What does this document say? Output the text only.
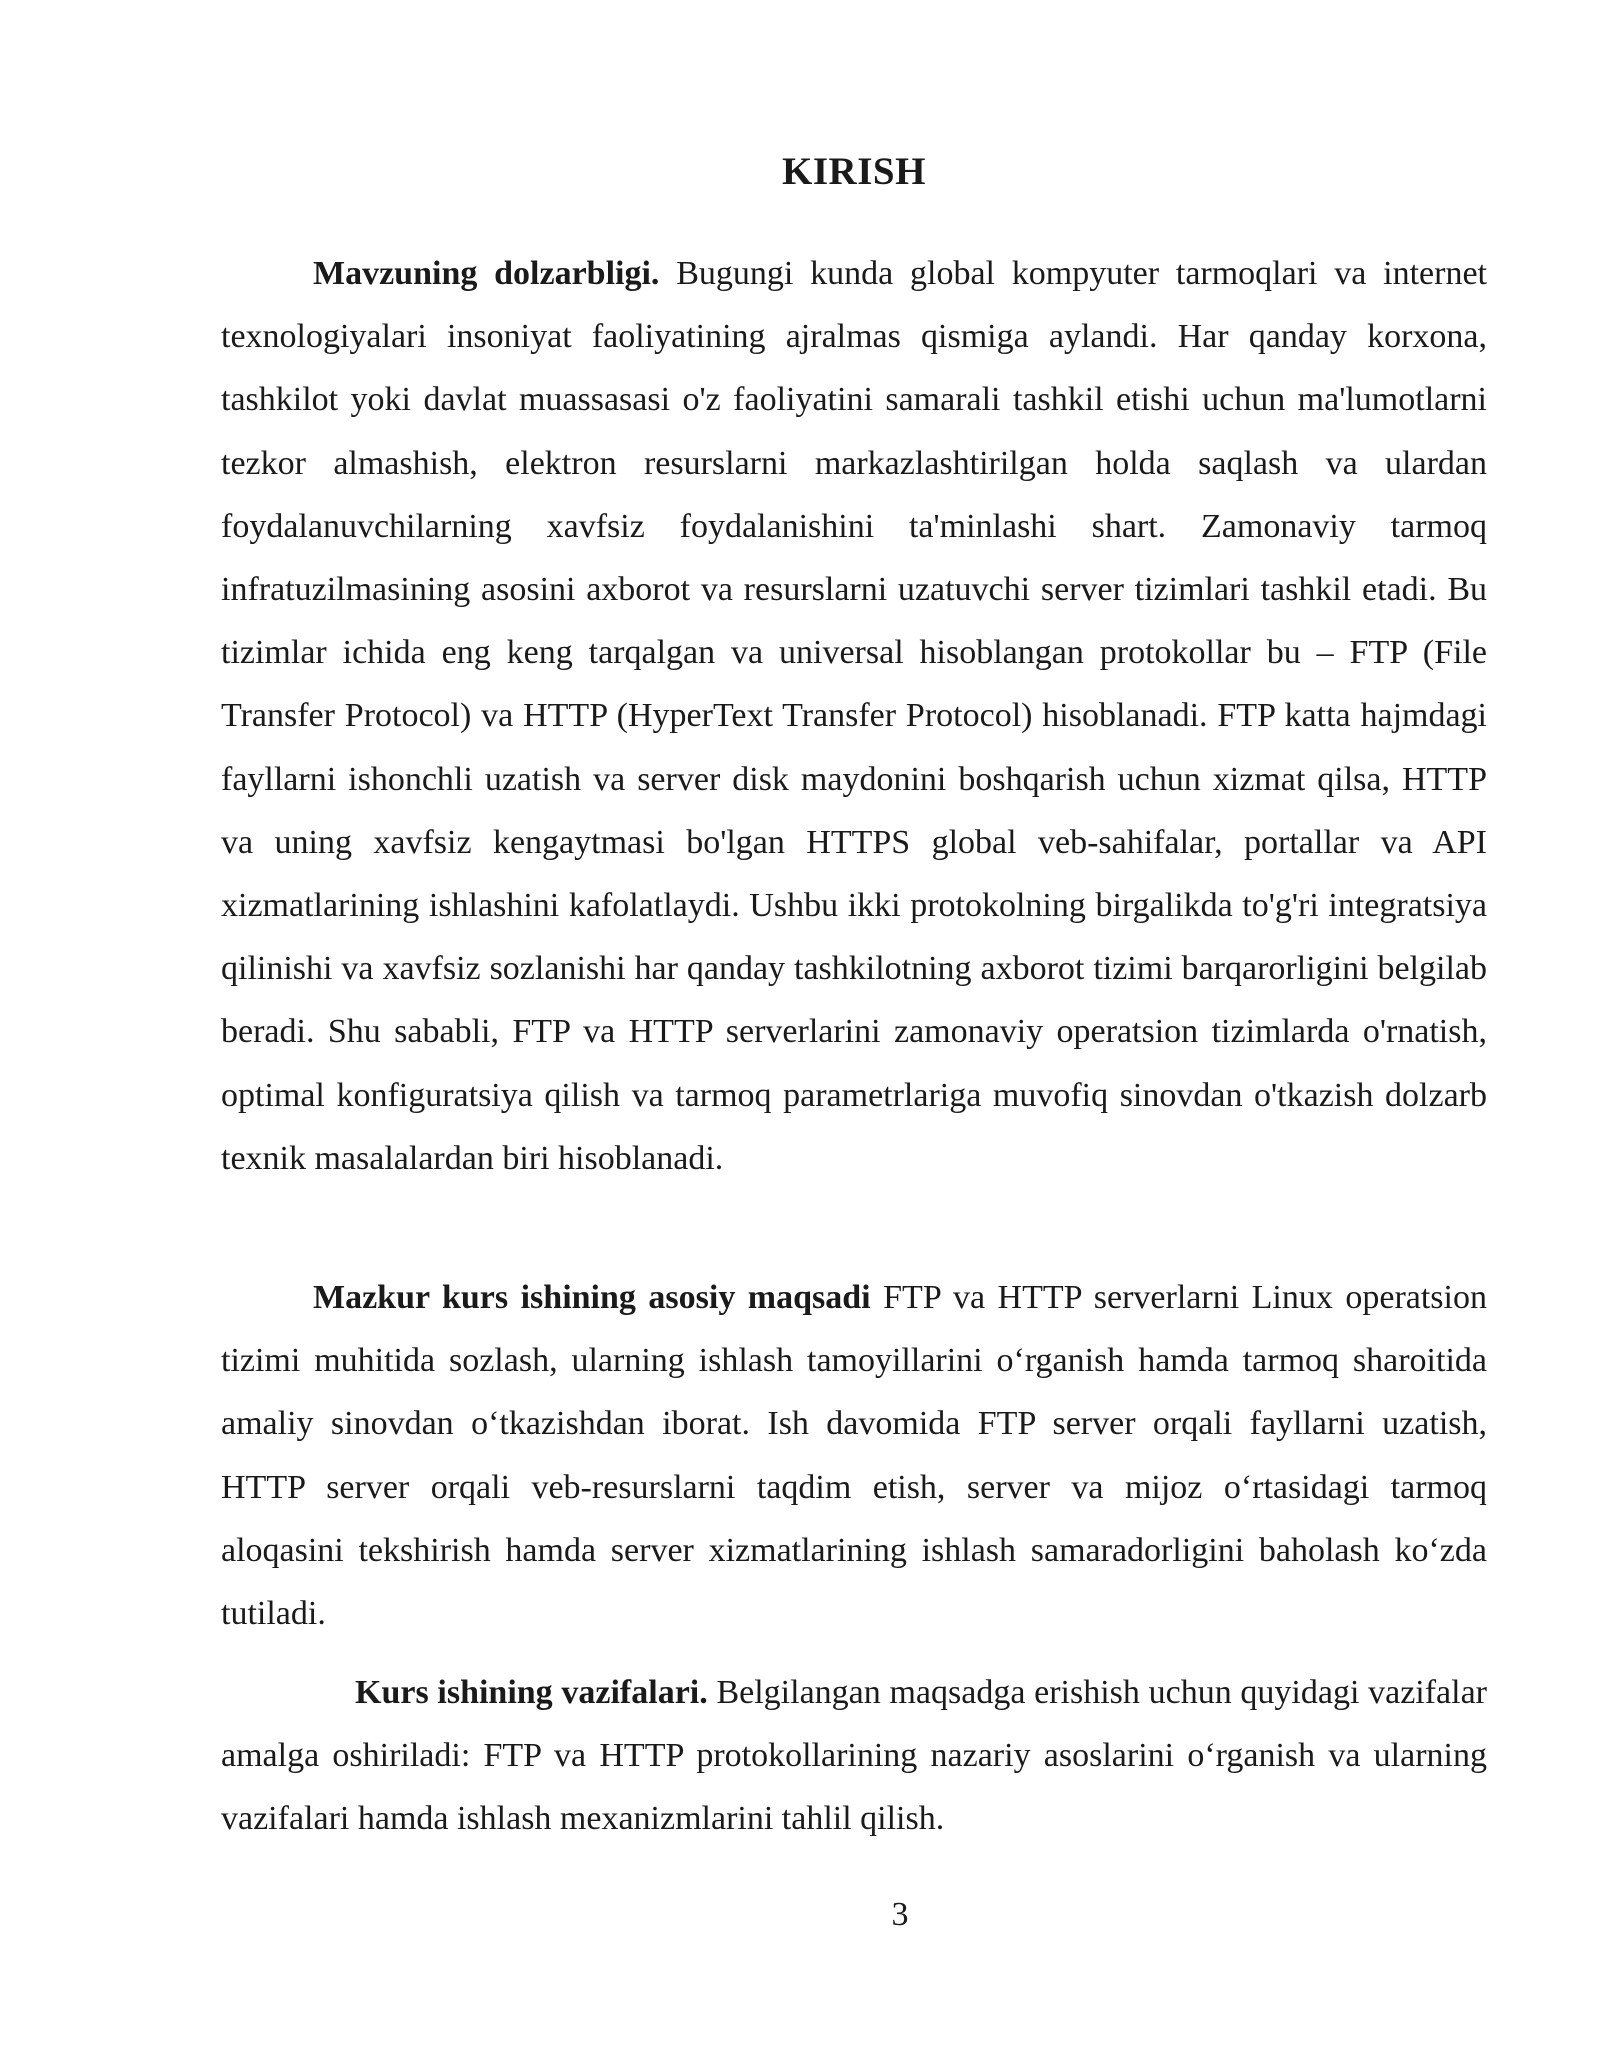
KIRISH

Mavzuning dolzarbligi. Bugungi kunda global kompyuter tarmoqlari va internet texnologiyalari insoniyat faoliyatining ajralmas qismiga aylandi. Har qanday korxona, tashkilot yoki davlat muassasasi o'z faoliyatini samarali tashkil etishi uchun ma'lumotlarni tezkor almashish, elektron resurslarni markazlashtirilgan holda saqlash va ulardan foydalanuvchilarning xavfsiz foydalanishini ta'minlashi shart. Zamonaviy tarmoq infratuzilmasining asosini axborot va resurslarni uzatuvchi server tizimlari tashkil etadi. Bu tizimlar ichida eng keng tarqalgan va universal hisoblangan protokollar bu – FTP (File Transfer Protocol) va HTTP (HyperText Transfer Protocol) hisoblanadi. FTP katta hajmdagi fayllarni ishonchli uzatish va server disk maydonini boshqarish uchun xizmat qilsa, HTTP va uning xavfsiz kengaytmasi bo'lgan HTTPS global veb-sahifalar, portallar va API xizmatlarining ishlashini kafolatlaydi. Ushbu ikki protokolning birgalikda to'g'ri integratsiya qilinishi va xavfsiz sozlanishi har qanday tashkilotning axborot tizimi barqarorligini belgilab beradi. Shu sababli, FTP va HTTP serverlarini zamonaviy operatsion tizimlarda o'rnatish, optimal konfiguratsiya qilish va tarmoq parametrlariga muvofiq sinovdan o'tkazish dolzarb texnik masalalardan biri hisoblanadi.

Mazkur kurs ishining asosiy maqsadi FTP va HTTP serverlarni Linux operatsion tizimi muhitida sozlash, ularning ishlash tamoyillarini o‘rganish hamda tarmoq sharoitida amaliy sinovdan o‘tkazishdan iborat. Ish davomida FTP server orqali fayllarni uzatish, HTTP server orqali veb-resurslarni taqdim etish, server va mijoz o‘rtasidagi tarmoq aloqasini tekshirish hamda server xizmatlarining ishlash samaradorligini baholash ko‘zda tutiladi.

Kurs ishining vazifalari. Belgilangan maqsadga erishish uchun quyidagi vazifalar amalga oshiriladi: FTP va HTTP protokollarining nazariy asoslarini o‘rganish va ularning vazifalari hamda ishlash mexanizmlarini tahlil qilish.

3
